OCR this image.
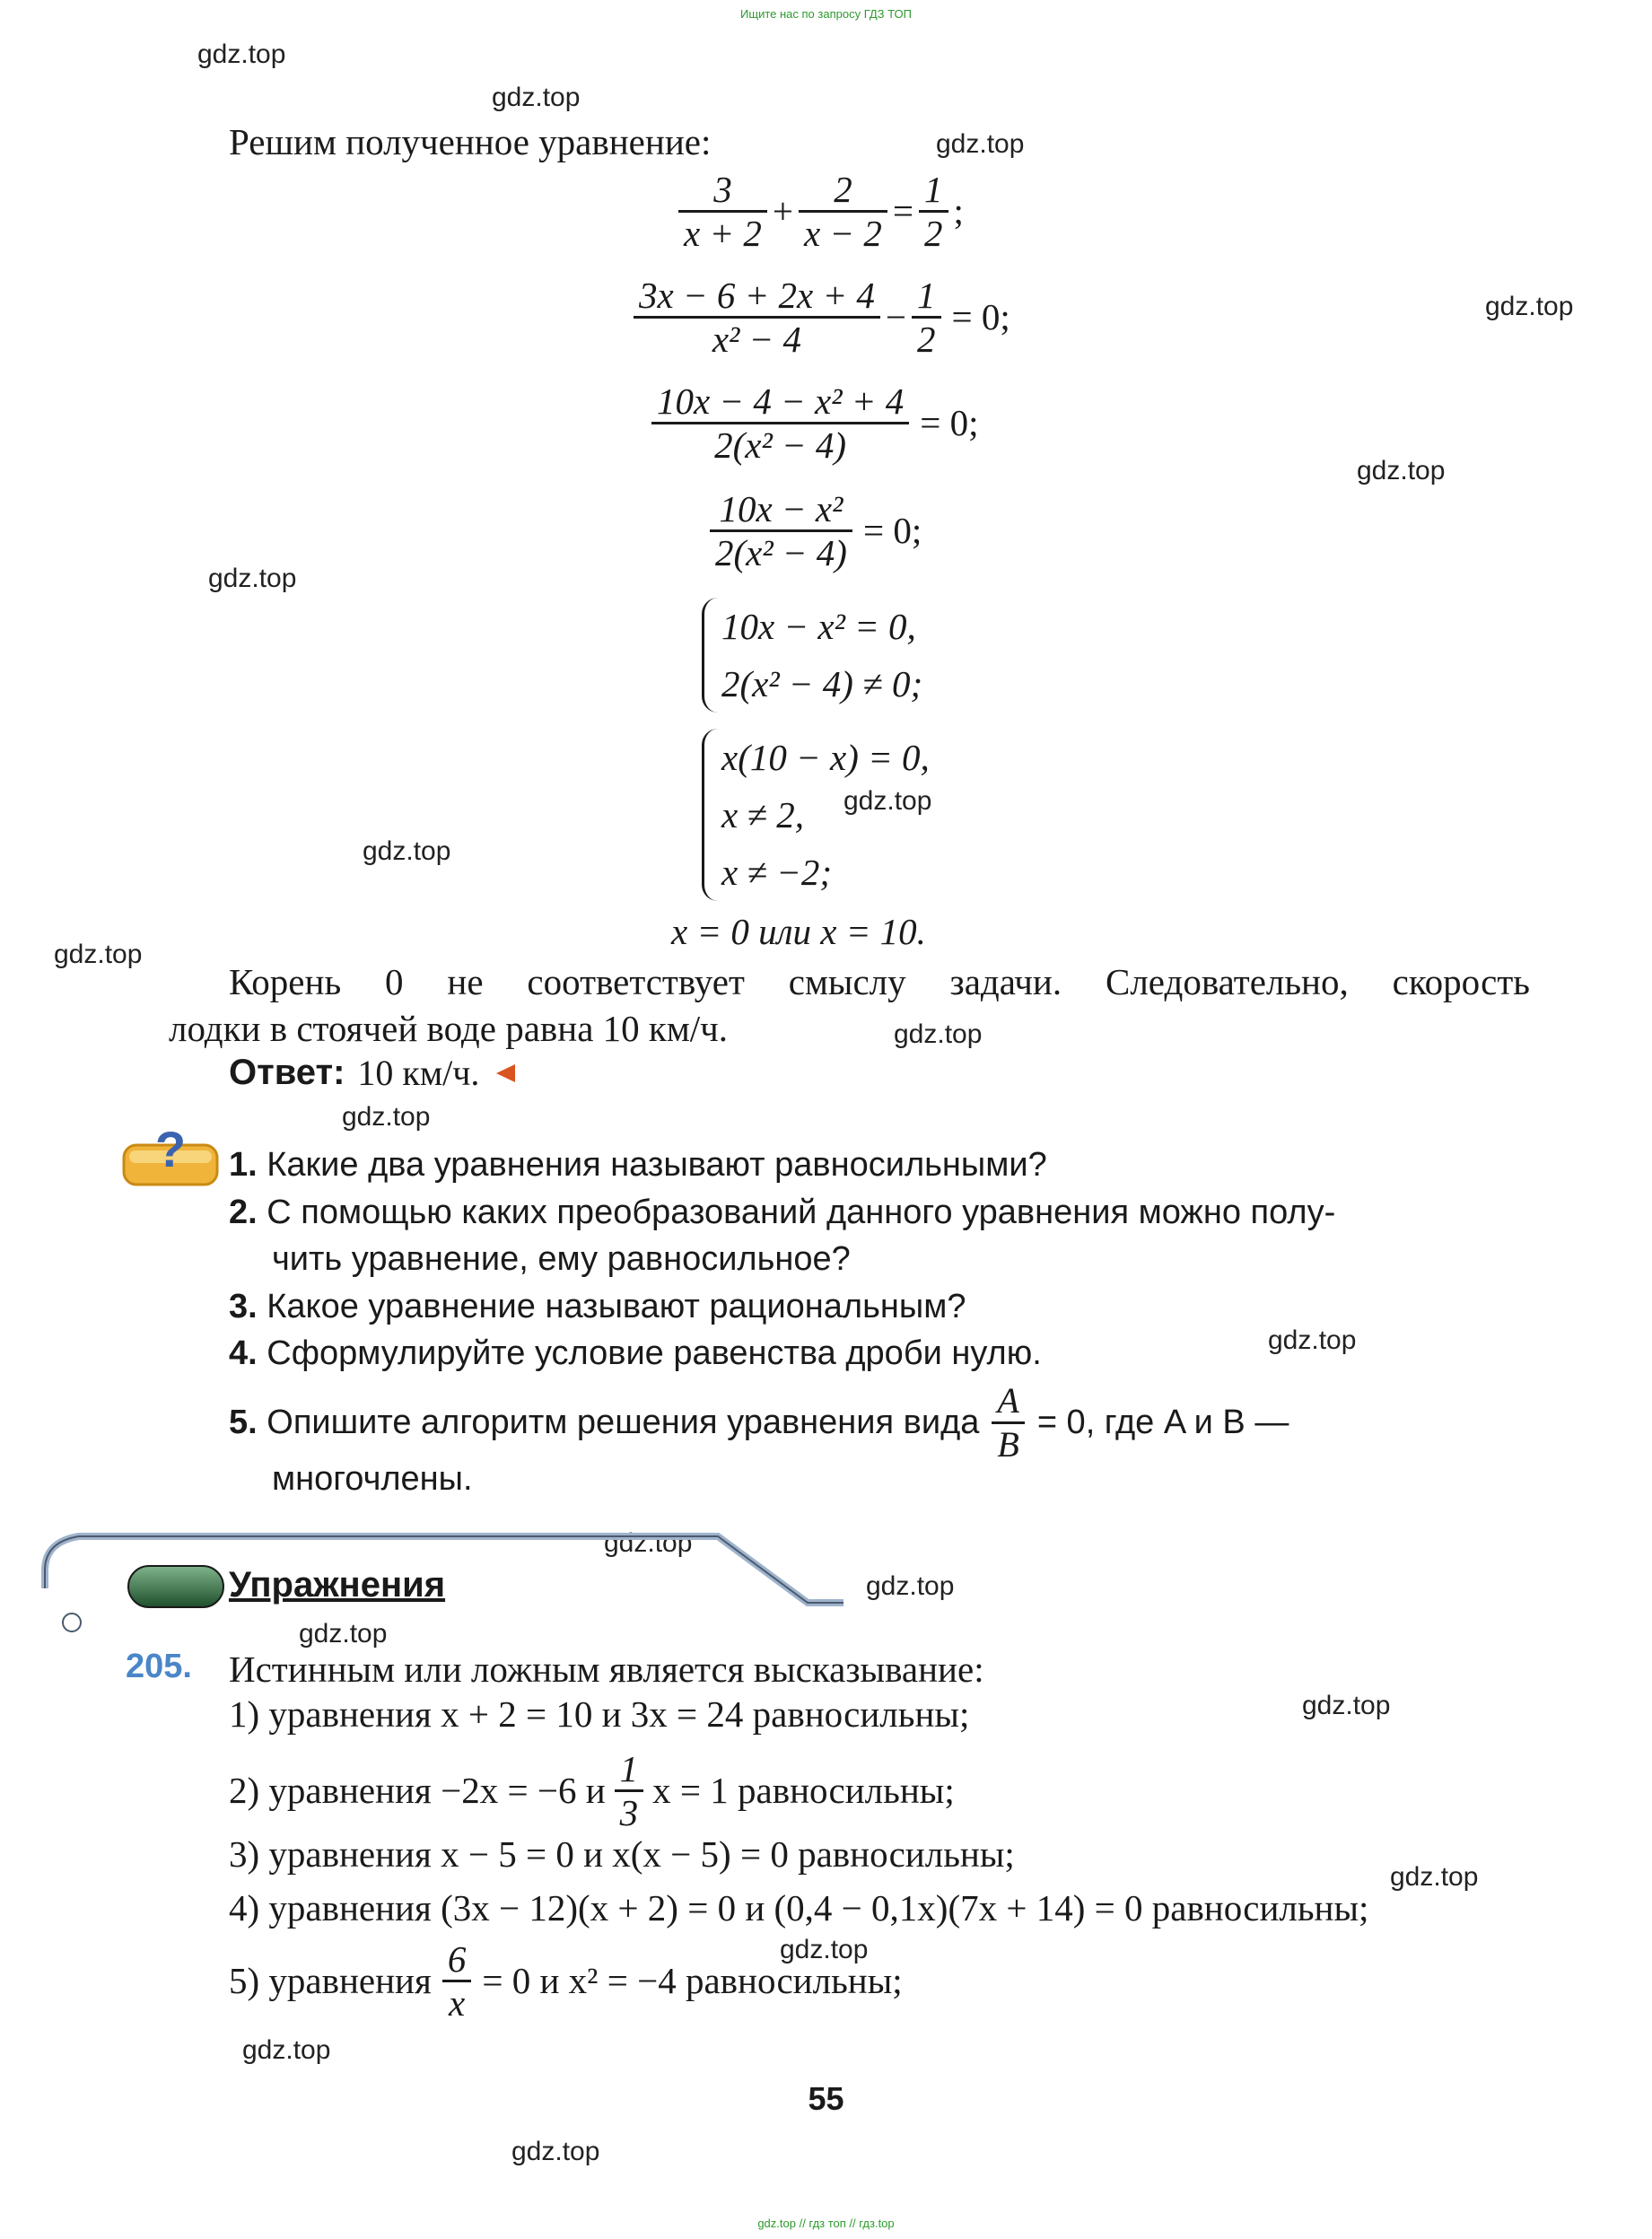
Ищите нас по запросу ГДЗ ТОП
gdz.top
gdz.top
gdz.top
gdz.top
gdz.top
gdz.top
gdz.top
gdz.top
gdz.top
gdz.top
gdz.top
gdz.top
gdz.top
gdz.top
gdz.top
gdz.top
gdz.top
gdz.top
gdz.top
gdz.top
Решим полученное уравнение:
$\frac{3}{x + 2} + \frac{2}{x - 2} = \frac{1}{2}$ ;
$\frac{3x - 6 + 2x + 4}{\text{x² − 4}} - \frac{1}{2} = 0$;
$\frac{\text{10x − 4 − x² + 4}}{\text{2(x² − 4)}} = 0$;
$\frac{\text{10x − x²}}{\text{2(x² − 4)}} = 0$;
10x − x² = 0,
2(x² − 4) ≠ 0;
x(10 − x) = 0,
x ≠ 2,
x ≠ −2;
x = 0 или x = 10.
Корень 0 не соответствует смыслу задачи. Следовательно, скорость
лодки в стоячей воде равна 10 км/ч.
Ответ: 10 км/ч.
? 1. Какие два уравнения называют равносильными?
2. С помощью каких преобразований данного уравнения можно полу-
чить уравнение, ему равносильное?
3. Какое уравнение называют рациональным?
4. Сформулируйте условие равенства дроби нулю.
5.
Опишите алгоритм решения уравнения вида $\frac{A}{B} = 0$, где A и B —
многочлены.
Упражнения
205. Истинным или ложным является высказывание:
1) уравнения x + 2 = 10 и 3x = 24 равносильны;
2) уравнения −2x = −6 и $\frac{1}{3}$ x = 1 равносильны;
3) уравнения x − 5 = 0 и x(x − 5) = 0 равносильны;
4) уравнения (3x − 12)(x + 2) = 0 и (0,4 − 0,1x)(7x + 14) = 0 равносильны;
5) уравнения $\frac{6}{x} = 0$ и x² = −4 равносильны;
55
gdz.top // гдз топ // гдз.top
